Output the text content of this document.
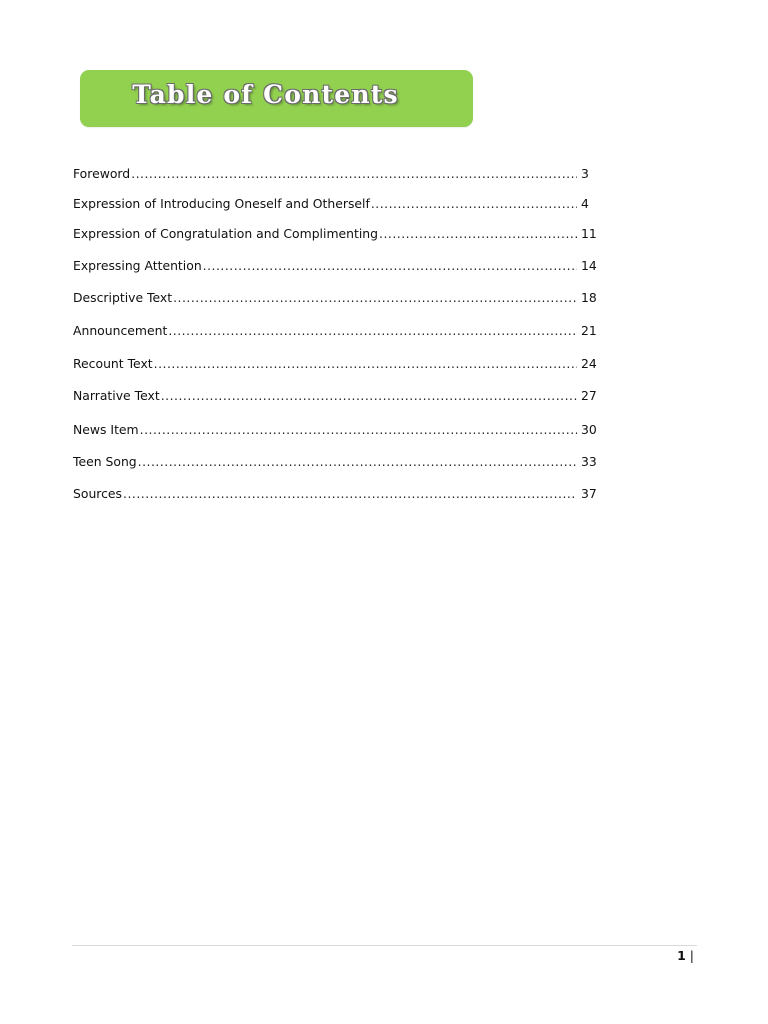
Table of Contents
Foreword .....	3
Expression of Introducing Oneself and Otherself .....	4
Expression of Congratulation and Complimenting .....	11
Expressing Attention .....	14
Descriptive Text .....	18
Announcement .....	21
Recount Text .....	24
Narrative Text .....	27
News Item .....	30
Teen Song .....	33
Sources .....	37
1 |
